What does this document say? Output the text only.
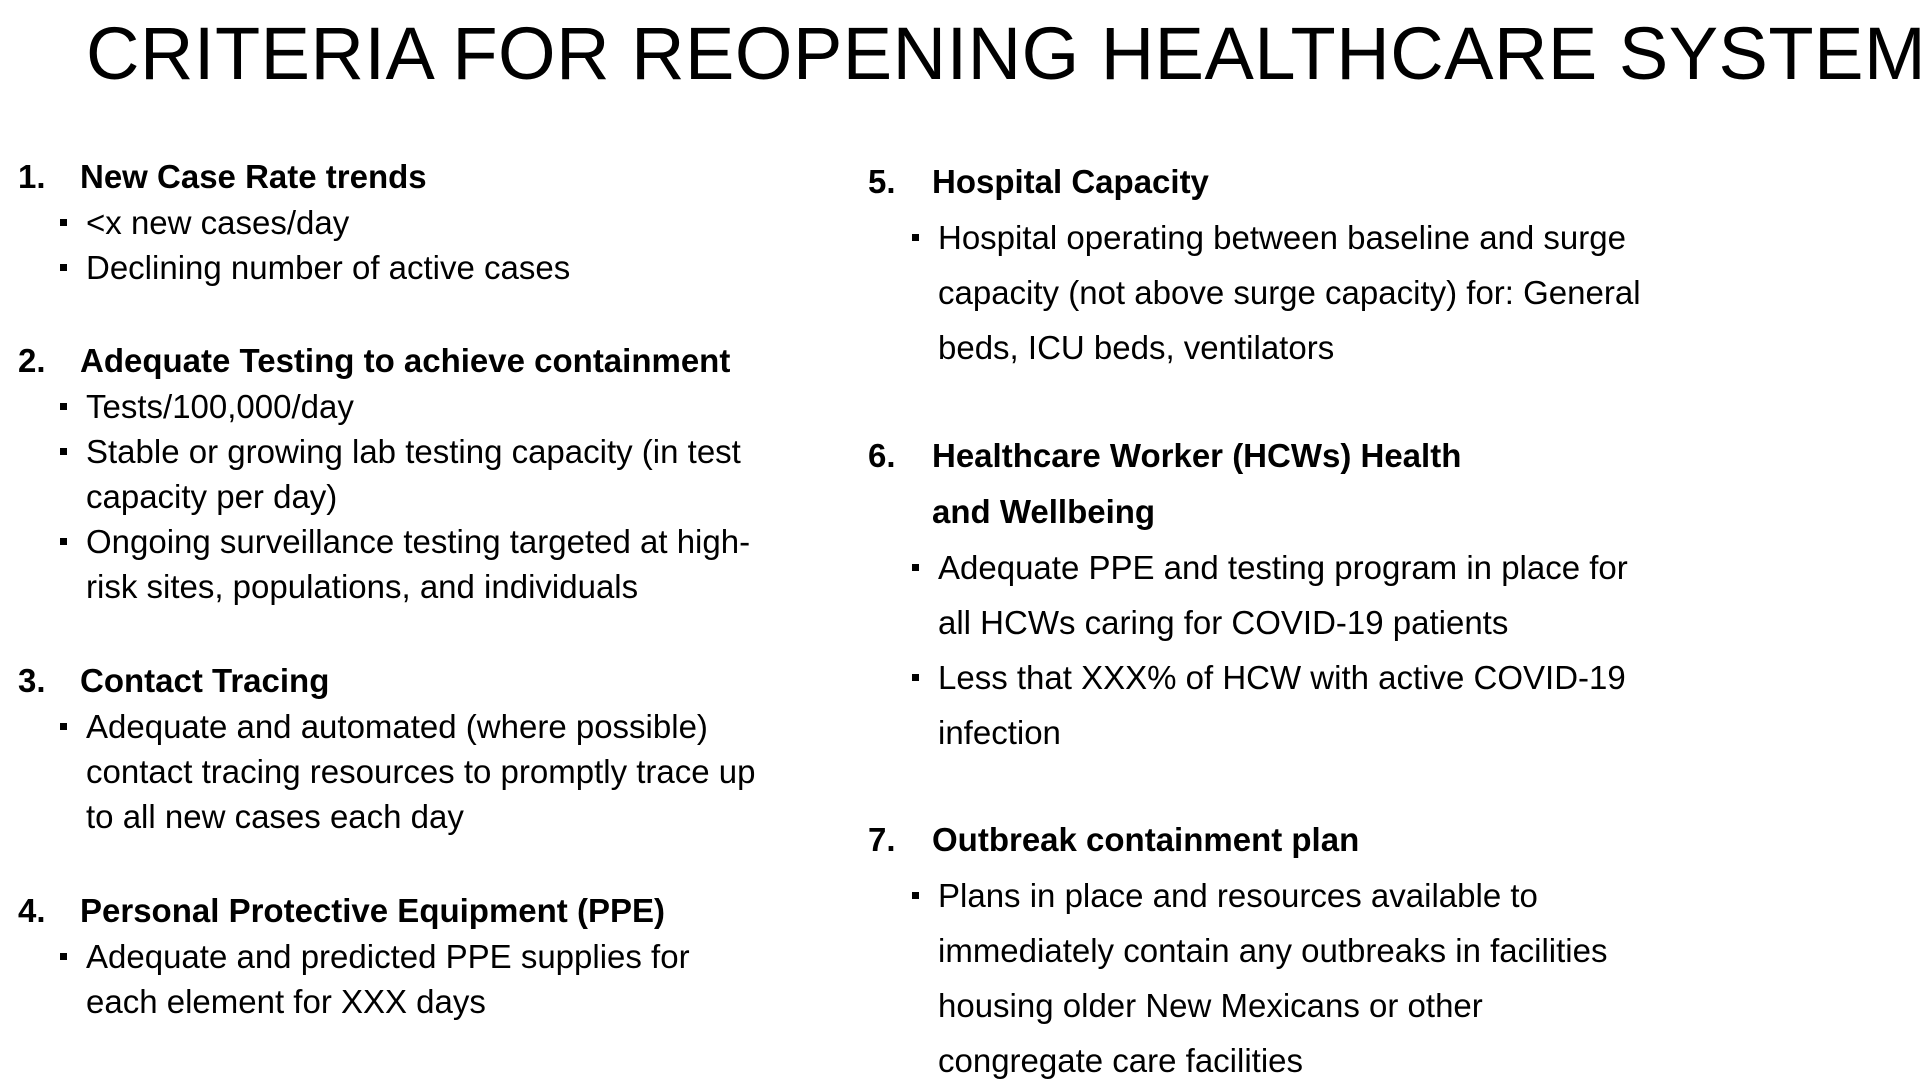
CRITERIA FOR REOPENING HEALTHCARE SYSTEM
1. New Case Rate trends
<x new cases/day
Declining number of active cases
2. Adequate Testing to achieve containment
Tests/100,000/day
Stable or growing lab testing capacity (in test capacity per day)
Ongoing surveillance testing targeted at high-risk sites, populations, and individuals
3. Contact Tracing
Adequate and automated (where possible) contact tracing resources to promptly trace up to all new cases each day
4. Personal Protective Equipment (PPE)
Adequate and predicted PPE supplies for each element for XXX days
5.	Hospital Capacity
Hospital operating between baseline and surge capacity (not above surge capacity) for: General beds, ICU beds, ventilators
6.	Healthcare Worker (HCWs) Health and Wellbeing
Adequate PPE and testing program in place for all HCWs caring for COVID-19 patients
Less that XXX% of HCW with active COVID-19 infection
7.	Outbreak containment plan
Plans in place and resources available to immediately contain any outbreaks in facilities housing older New Mexicans or other congregate care facilities
